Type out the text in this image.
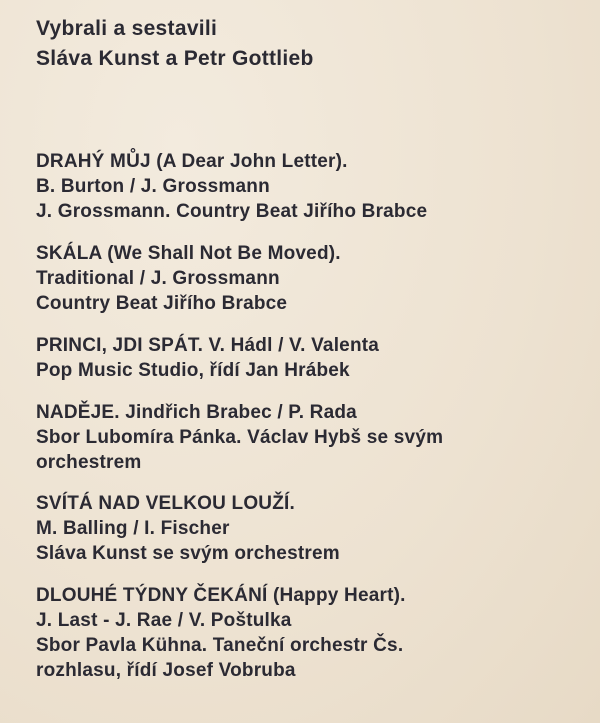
Vybrali a sestavili
Sláva Kunst a Petr Gottlieb
DRAHÝ MŮJ (A Dear John Letter).
B. Burton / J. Grossmann
J. Grossmann. Country Beat Jiřího Brabce
SKÁLA (We Shall Not Be Moved).
Traditional / J. Grossmann
Country Beat Jiřího Brabce
PRINCI, JDI SPÁT. V. Hádl / V. Valenta
Pop Music Studio, řídí Jan Hrábek
NADĚJE. Jindřich Brabec / P. Rada
Sbor Lubomíra Pánka. Václav Hybš se svým
orchestrem
SVÍTÁ NAD VELKOU LOUŽÍ.
M. Balling / I. Fischer
Sláva Kunst se svým orchestrem
DLOUHÉ TÝDNY ČEKÁNÍ (Happy Heart).
J. Last - J. Rae / V. Poštulka
Sbor Pavla Kühna. Taneční orchestr Čs.
rozhlasu, řídí Josef Vobruba
